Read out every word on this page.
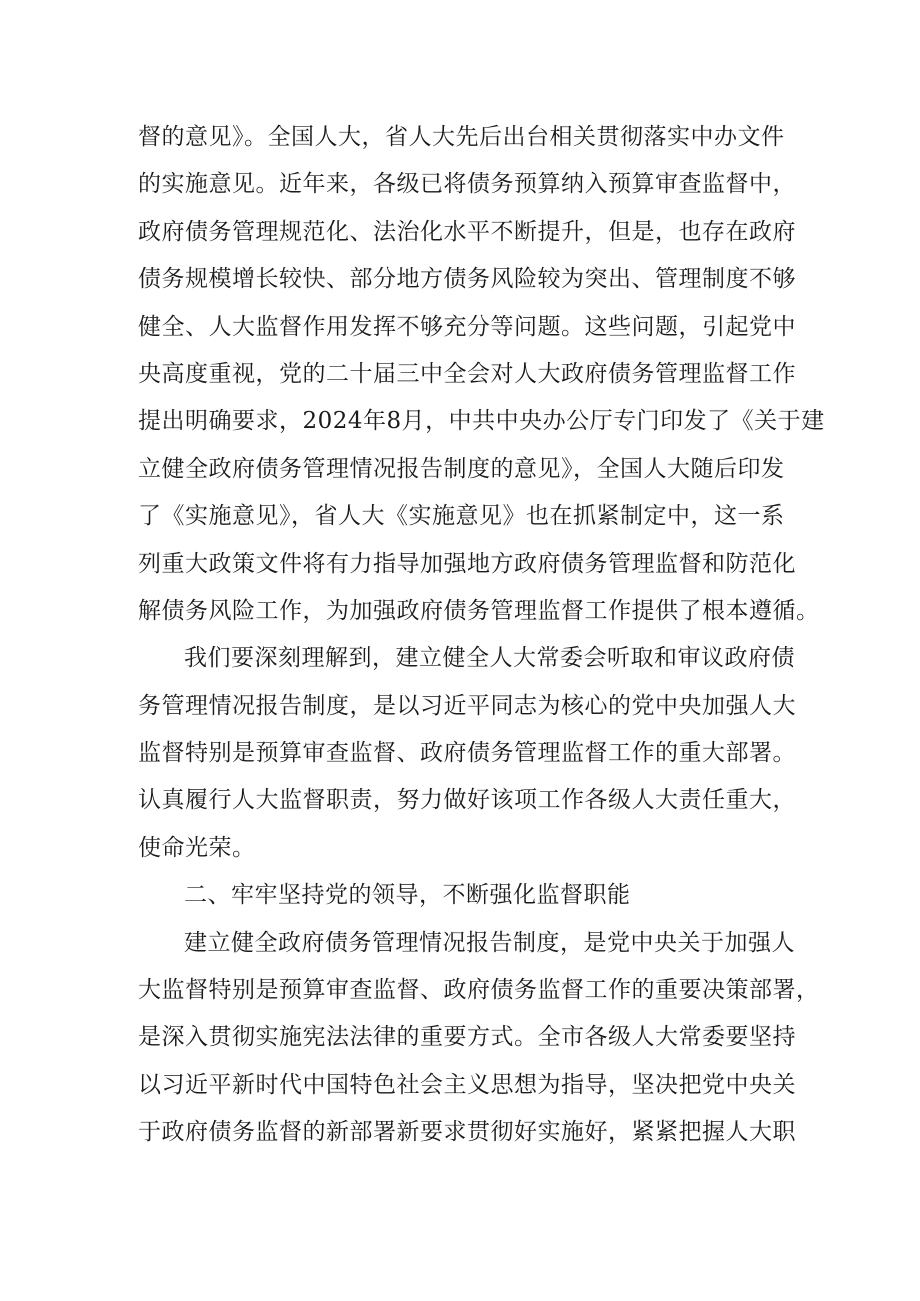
督的意见》。全国人大，省人大先后出台相关贯彻落实中办文件
的实施意见。近年来，各级已将债务预算纳入预算审查监督中，
政府债务管理规范化、法治化水平不断提升，但是，也存在政府
债务规模增长较快、部分地方债务风险较为突出、管理制度不够
健全、人大监督作用发挥不够充分等问题。这些问题，引起党中
央高度重视，党的二十届三中全会对人大政府债务管理监督工作
提出明确要求，2024年8月，中共中央办公厅专门印发了《关于建
立健全政府债务管理情况报告制度的意见》，全国人大随后印发
了《实施意见》，省人大《实施意见》也在抓紧制定中，这一系
列重大政策文件将有力指导加强地方政府债务管理监督和防范化
解债务风险工作，为加强政府债务管理监督工作提供了根本遵循。
我们要深刻理解到，建立健全人大常委会听取和审议政府债
务管理情况报告制度，是以习近平同志为核心的党中央加强人大
监督特别是预算审查监督、政府债务管理监督工作的重大部署。
认真履行人大监督职责，努力做好该项工作各级人大责任重大，
使命光荣。
二、牢牢坚持党的领导，不断强化监督职能
建立健全政府债务管理情况报告制度，是党中央关于加强人
大监督特别是预算审查监督、政府债务监督工作的重要决策部署，
是深入贯彻实施宪法法律的重要方式。全市各级人大常委要坚持
以习近平新时代中国特色社会主义思想为指导，坚决把党中央关
于政府债务监督的新部署新要求贯彻好实施好，紧紧把握人大职
